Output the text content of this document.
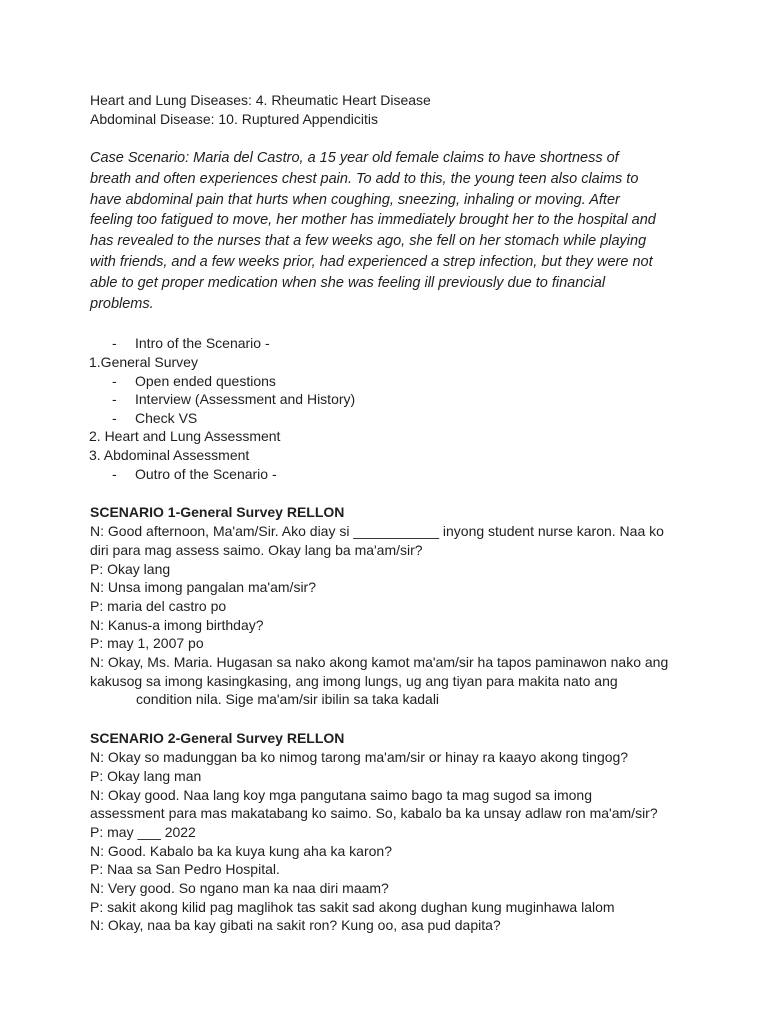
Heart and Lung Diseases: 4. Rheumatic Heart Disease
Abdominal Disease: 10. Ruptured Appendicitis
Case Scenario: Maria del Castro, a 15 year old female claims to have shortness of breath and often experiences chest pain. To add to this, the young teen also claims to have abdominal pain that hurts when coughing, sneezing, inhaling or moving. After feeling too fatigued to move, her mother has immediately brought her to the hospital and has revealed to the nurses that a few weeks ago, she fell on her stomach while playing with friends, and a few weeks prior, had experienced a strep infection, but they were not able to get proper medication when she was feeling ill previously due to financial problems.
- Intro of the Scenario -
1.General Survey
- Open ended questions
- Interview (Assessment and History)
- Check VS
2. Heart and Lung Assessment
3. Abdominal Assessment
- Outro of the Scenario -
SCENARIO 1-General Survey RELLON
N: Good afternoon, Ma'am/Sir. Ako diay si ___________ inyong student nurse karon. Naa ko diri para mag assess saimo. Okay lang ba ma'am/sir?
P: Okay lang
N: Unsa imong pangalan ma'am/sir?
P: maria del castro po
N: Kanus-a imong birthday?
P: may 1, 2007 po
N: Okay, Ms. Maria. Hugasan sa nako akong kamot ma'am/sir ha tapos paminawon nako ang kakusog sa imong kasingkasing, ang imong lungs, ug ang tiyan para makita nato ang
condition nila. Sige ma'am/sir ibilin sa taka kadali
SCENARIO 2-General Survey RELLON
N: Okay so madunggan ba ko nimog tarong ma'am/sir or hinay ra kaayo akong tingog?
P: Okay lang man
N: Okay good. Naa lang koy mga pangutana saimo bago ta mag sugod sa imong assessment para mas makatabang ko saimo. So, kabalo ba ka unsay adlaw ron ma'am/sir?
P: may ___ 2022
N: Good. Kabalo ba ka kuya kung aha ka karon?
P: Naa sa San Pedro Hospital.
N: Very good. So ngano man ka naa diri maam?
P: sakit akong kilid pag maglihok tas sakit sad akong dughan kung muginhawa lalom
N: Okay, naa ba kay gibati na sakit ron? Kung oo, asa pud dapita?
